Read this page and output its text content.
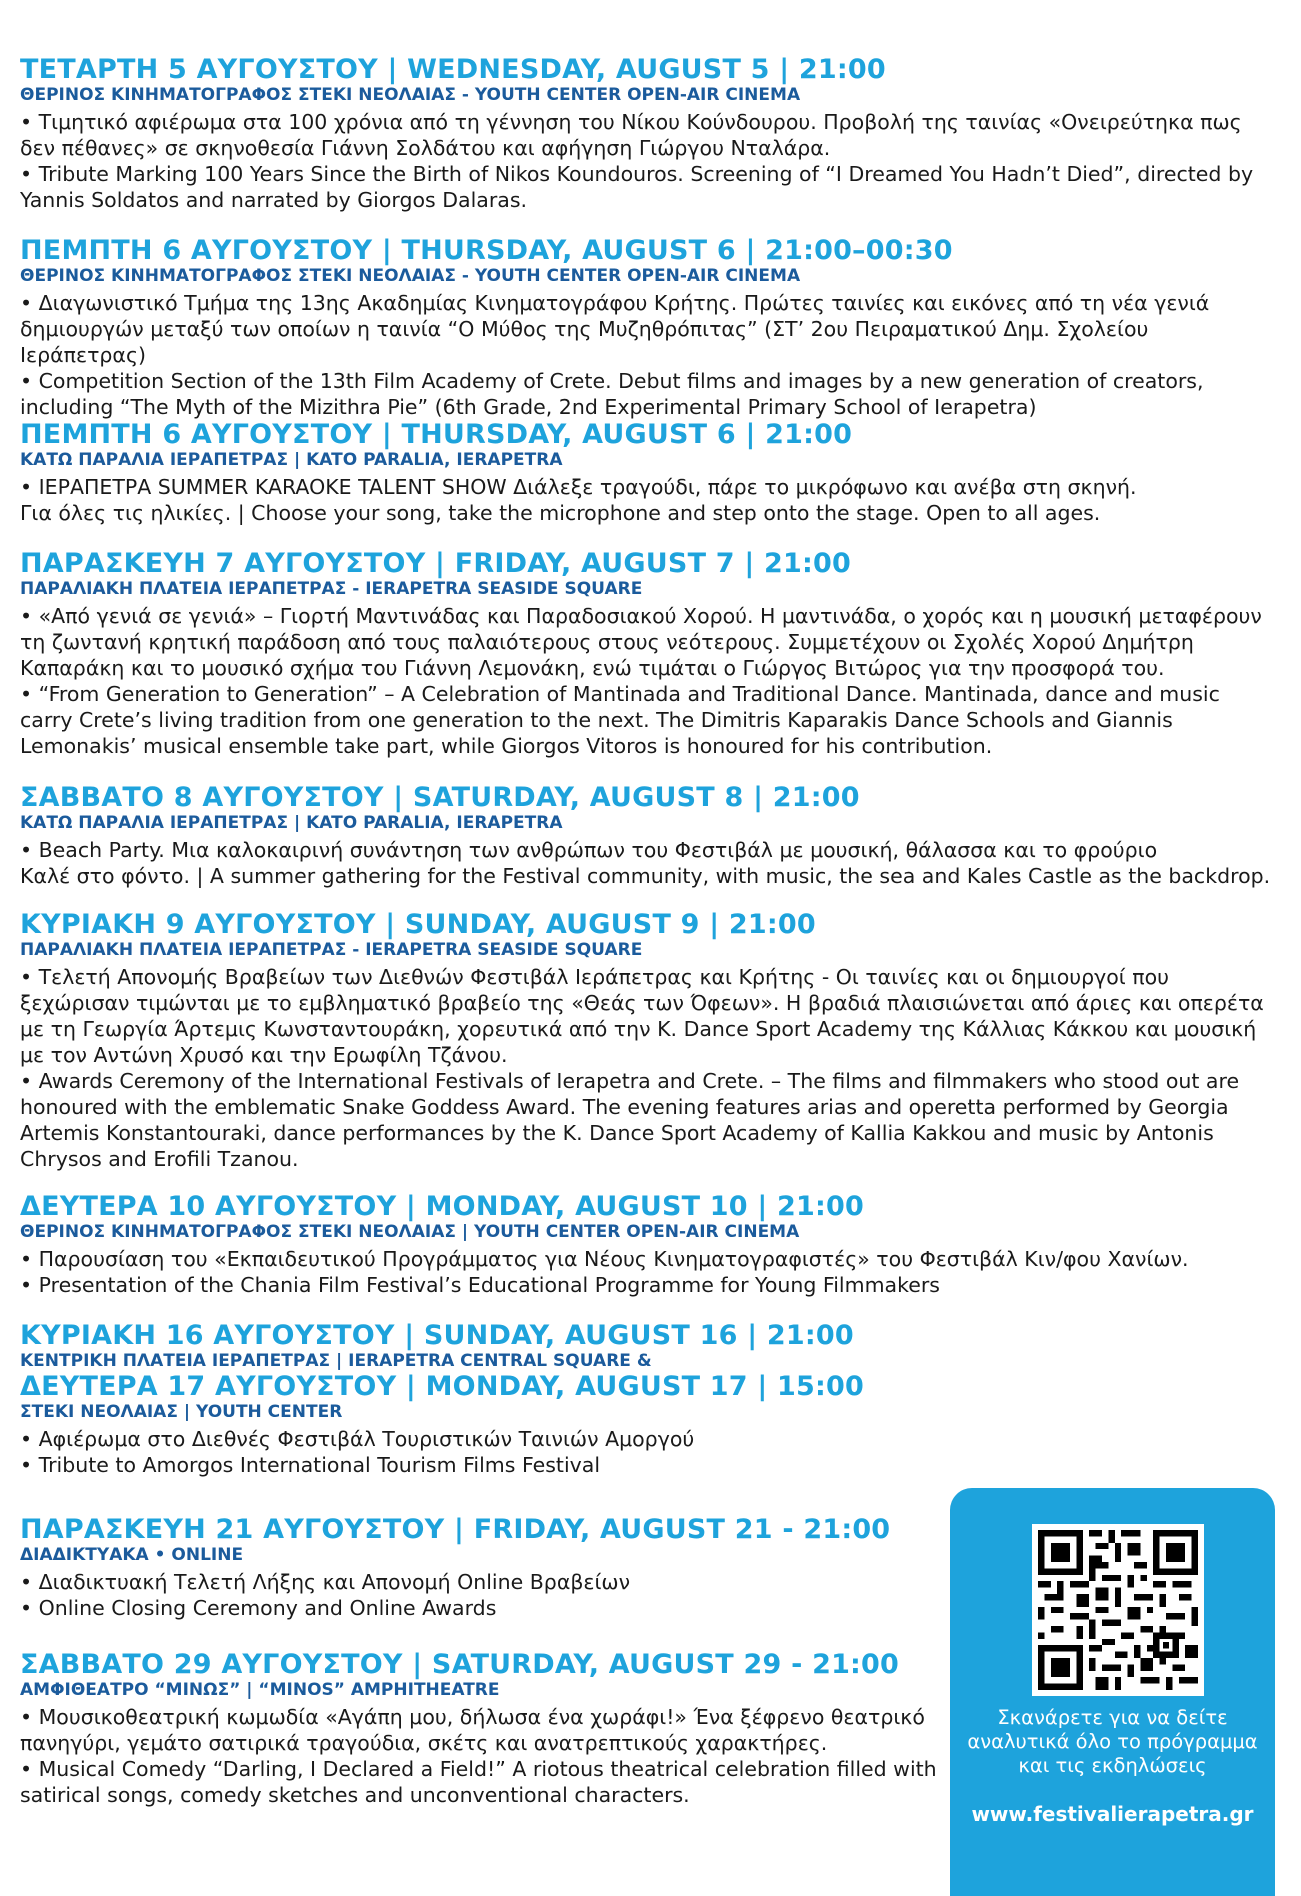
ΤΕΤΑΡΤΗ 5 ΑΥΓΟΥΣΤΟΥ | WEDNESDAY, AUGUST 5 | 21:00
ΘΕΡΙΝΟΣ ΚΙΝΗΜΑΤΟΓΡΑΦΟΣ ΣΤΕΚΙ ΝΕΟΛΑΙΑΣ - YOUTH CENTER OPEN-AIR CINEMA

• Τιμητικό αφιέρωμα στα 100 χρόνια από τη γέννηση του Νίκου Κούνδουρου. Προβολή της ταινίας «Ονειρεύτηκα πως δεν πέθανες» σε σκηνοθεσία Γιάννη Σολδάτου και αφήγηση Γιώργου Νταλάρα.

• Tribute Marking 100 Years Since the Birth of Nikos Koundouros. Screening of “I Dreamed You Hadn’t Died”, directed by Yannis Soldatos and narrated by Giorgos Dalaras.

ΠΕΜΠΤΗ 6 ΑΥΓΟΥΣΤΟΥ | THURSDAY, AUGUST 6 | 21:00–00:30
ΘΕΡΙΝΟΣ ΚΙΝΗΜΑΤΟΓΡΑΦΟΣ ΣΤΕΚΙ ΝΕΟΛΑΙΑΣ - YOUTH CENTER OPEN-AIR CINEMA

• Διαγωνιστικό Τμήμα της 13ης Ακαδημίας Κινηματογράφου Κρήτης. Πρώτες ταινίες και εικόνες από τη νέα γενιά δημιουργών μεταξύ των οποίων η ταινία “Ο Μύθος της Μυζηθρόπιτας” (ΣΤ’ 2ου Πειραματικού Δημ. Σχολείου Ιεράπετρας)

• Competition Section of the 13th Film Academy of Crete. Debut films and images by a new generation of creators, including “The Myth of the Mizithra Pie” (6th Grade, 2nd Experimental Primary School of Ierapetra)

ΠΕΜΠΤΗ 6 ΑΥΓΟΥΣΤΟΥ | THURSDAY, AUGUST 6 | 21:00
ΚΑΤΩ ΠΑΡΑΛΙΑ ΙΕΡΑΠΕΤΡΑΣ | KATO PARALIA, IERAPETRA

• ΙΕΡΑΠΕΤΡΑ SUMMER KARAOKE TALENT SHOW Διάλεξε τραγούδι, πάρε το μικρόφωνο και ανέβα στη σκηνή.

Για όλες τις ηλικίες. | Choose your song, take the microphone and step onto the stage. Open to all ages.

ΠΑΡΑΣΚΕΥΗ 7 ΑΥΓΟΥΣΤΟΥ | FRIDAY, AUGUST 7 | 21:00
ΠΑΡΑΛΙΑΚΗ ΠΛΑΤΕΙΑ ΙΕΡΑΠΕΤΡΑΣ - IERAPETRA SEASIDE SQUARE

• «Από γενιά σε γενιά» – Γιορτή Μαντινάδας και Παραδοσιακού Χορού. Η μαντινάδα, ο χορός και η μουσική μεταφέρουν τη ζωντανή κρητική παράδοση από τους παλαιότερους στους νεότερους. Συμμετέχουν οι Σχολές Χορού Δημήτρη Καπαράκη και το μουσικό σχήμα του Γιάννη Λεμονάκη, ενώ τιμάται ο Γιώργος Βιτώρος για την προσφορά του.

• “From Generation to Generation” – A Celebration of Mantinada and Traditional Dance. Mantinada, dance and music carry Crete’s living tradition from one generation to the next. The Dimitris Kaparakis Dance Schools and Giannis Lemonakis’ musical ensemble take part, while Giorgos Vitoros is honoured for his contribution.

ΣΑΒΒΑΤΟ 8 ΑΥΓΟΥΣΤΟΥ | SATURDAY, AUGUST 8 | 21:00
ΚΑΤΩ ΠΑΡΑΛΙΑ ΙΕΡΑΠΕΤΡΑΣ | KATO PARALIA, IERAPETRA

• Beach Party. Μια καλοκαιρινή συνάντηση των ανθρώπων του Φεστιβάλ με μουσική, θάλασσα και το φρούριο

Καλέ στο φόντο. | A summer gathering for the Festival community, with music, the sea and Kales Castle as the backdrop.

ΚΥΡΙΑΚΗ 9 ΑΥΓΟΥΣΤΟΥ | SUNDAY, AUGUST 9 | 21:00
ΠΑΡΑΛΙΑΚΗ ΠΛΑΤΕΙΑ ΙΕΡΑΠΕΤΡΑΣ - IERAPETRA SEASIDE SQUARE

• Τελετή Απονομής Βραβείων των Διεθνών Φεστιβάλ Ιεράπετρας και Κρήτης - Οι ταινίες και οι δημιουργοί που ξεχώρισαν τιμώνται με το εμβληματικό βραβείο της «Θεάς των Όφεων». Η βραδιά πλαισιώνεται από άριες και οπερέτα με τη Γεωργία Άρτεμις Κωνσταντουράκη, χορευτικά από την K. Dance Sport Academy της Κάλλιας Κάκκου και μουσική με τον Αντώνη Χρυσό και την Ερωφίλη Τζάνου.

• Awards Ceremony of the International Festivals of Ierapetra and Crete. – The films and filmmakers who stood out are honoured with the emblematic Snake Goddess Award. The evening features arias and operetta performed by Georgia Artemis Konstantouraki, dance performances by the K. Dance Sport Academy of Kallia Kakkou and music by Antonis Chrysos and Erofili Tzanou.

ΔΕΥΤΕΡΑ 10 ΑΥΓΟΥΣΤΟΥ | MONDAY, AUGUST 10 | 21:00
ΘΕΡΙΝΟΣ ΚΙΝΗΜΑΤΟΓΡΑΦΟΣ ΣΤΕΚΙ ΝΕΟΛΑΙΑΣ | YOUTH CENTER OPEN-AIR CINEMA

• Παρουσίαση του «Εκπαιδευτικού Προγράμματος για Νέους Κινηματογραφιστές» του Φεστιβάλ Κιν/φου Χανίων.

• Presentation of the Chania Film Festival’s Educational Programme for Young Filmmakers

ΚΥΡΙΑΚΗ 16 ΑΥΓΟΥΣΤΟΥ | SUNDAY, AUGUST 16 | 21:00
ΚΕΝΤΡΙΚΗ ΠΛΑΤΕΙΑ ΙΕΡΑΠΕΤΡΑΣ | IERAPETRA CENTRAL SQUARE &
ΔΕΥΤΕΡΑ 17 ΑΥΓΟΥΣΤΟΥ | MONDAY, AUGUST 17 | 15:00
ΣΤΕΚΙ ΝΕΟΛΑΙΑΣ | YOUTH CENTER

• Αφιέρωμα στο Διεθνές Φεστιβάλ Τουριστικών Ταινιών Αμοργού

• Tribute to Amorgos International Tourism Films Festival

ΠΑΡΑΣΚΕΥΗ 21 ΑΥΓΟΥΣΤΟΥ | FRIDAY, AUGUST 21 - 21:00
ΔΙΑΔΙΚΤΥΑΚΑ • ONLINE

• Διαδικτυακή Τελετή Λήξης και Απονομή Online Βραβείων

• Online Closing Ceremony and Online Awards

ΣΑΒΒΑΤΟ 29 ΑΥΓΟΥΣΤΟΥ | SATURDAY, AUGUST 29 - 21:00
ΑΜΦΙΘΕΑΤΡΟ “ΜΙΝΩΣ” | “MINOS” AMPHITHEATRE

• Μουσικοθεατρική κωμωδία «Αγάπη μου, δήλωσα ένα χωράφι!» Ένα ξέφρενο θεατρικό πανηγύρι, γεμάτο σατιρικά τραγούδια, σκέτς και ανατρεπτικούς χαρακτήρες.

• Musical Comedy “Darling, I Declared a Field!” A riotous theatrical celebration filled with satirical songs, comedy sketches and unconventional characters.

Σκανάρετε για να δείτε αναλυτικά όλο το πρόγραμμα και τις εκδηλώσεις
www.festivalierapetra.gr
